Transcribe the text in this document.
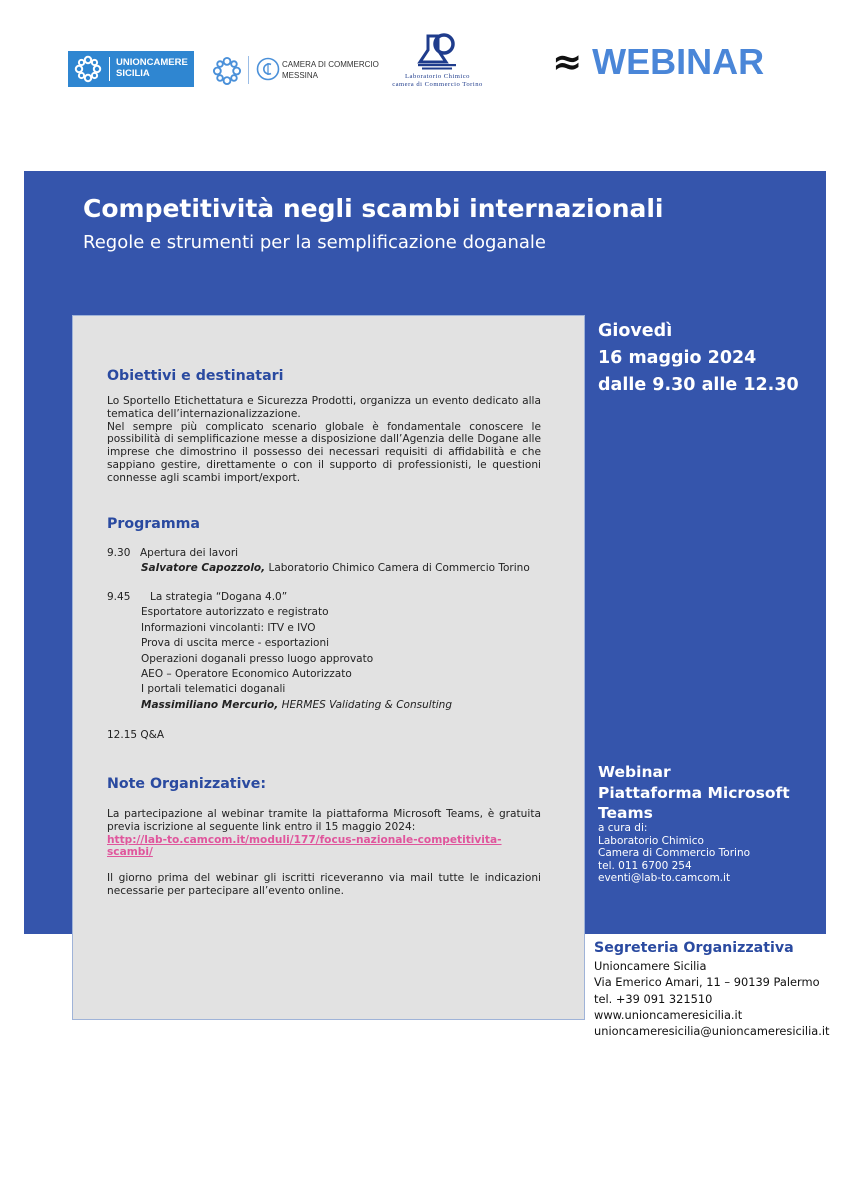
UNIONCAMERE
SICILIA
CAMERA DI COMMERCIO
MESSINA	Laboratorio Chimico
camera di Commercio Torino
≈ WEBINAR
Competitività negli scambi internazionali
Regole e strumenti per la semplificazione doganale
Obiettivi e destinatari

Lo Sportello Etichettatura e Sicurezza Prodotti, organizza un evento dedicato alla tematica dell’internazionalizzazione.

Nel sempre più complicato scenario globale è fondamentale conoscere le possibilità di semplificazione messe a disposizione dall’Agenzia delle Dogane alle imprese che dimostrino il possesso dei necessari requisiti di affidabilità e che sappiano gestire, direttamente o con il supporto di professionisti, le questioni connesse agli scambi import/export.

Programma
9.30 Apertura dei lavori
Salvatore Capozzolo, Laboratorio Chimico Camera di Commercio Torino
9.45 La strategia “Dogana 4.0”
Esportatore autorizzato e registrato
Informazioni vincolanti: ITV e IVO
Prova di uscita merce - esportazioni
Operazioni doganali presso luogo approvato
AEO – Operatore Economico Autorizzato
I portali telematici doganali
Massimiliano Mercurio, HERMES Validating & Consulting
12.15 Q&A
Note Organizzative:

La partecipazione al webinar tramite la piattaforma Microsoft Teams, è gratuita previa iscrizione al seguente link entro il 15 maggio 2024:

http://lab-to.camcom.it/moduli/177/focus-nazionale-competitivita-
scambi/

Il giorno prima del webinar gli iscritti riceveranno via mail tutte le indicazioni necessarie per partecipare all’evento online.

Giovedì
16 maggio 2024
dalle 9.30 alle 12.30
Webinar
Piattaforma Microsoft
Teams
a cura di:
Laboratorio Chimico
Camera di Commercio Torino
tel. 011 6700 254
eventi@lab-to.camcom.it
Segreteria Organizzativa
Unioncamere Sicilia
Via Emerico Amari, 11 – 90139 Palermo
tel. +39 091 321510
www.unioncameresicilia.it
unioncameresicilia@unioncameresicilia.it
